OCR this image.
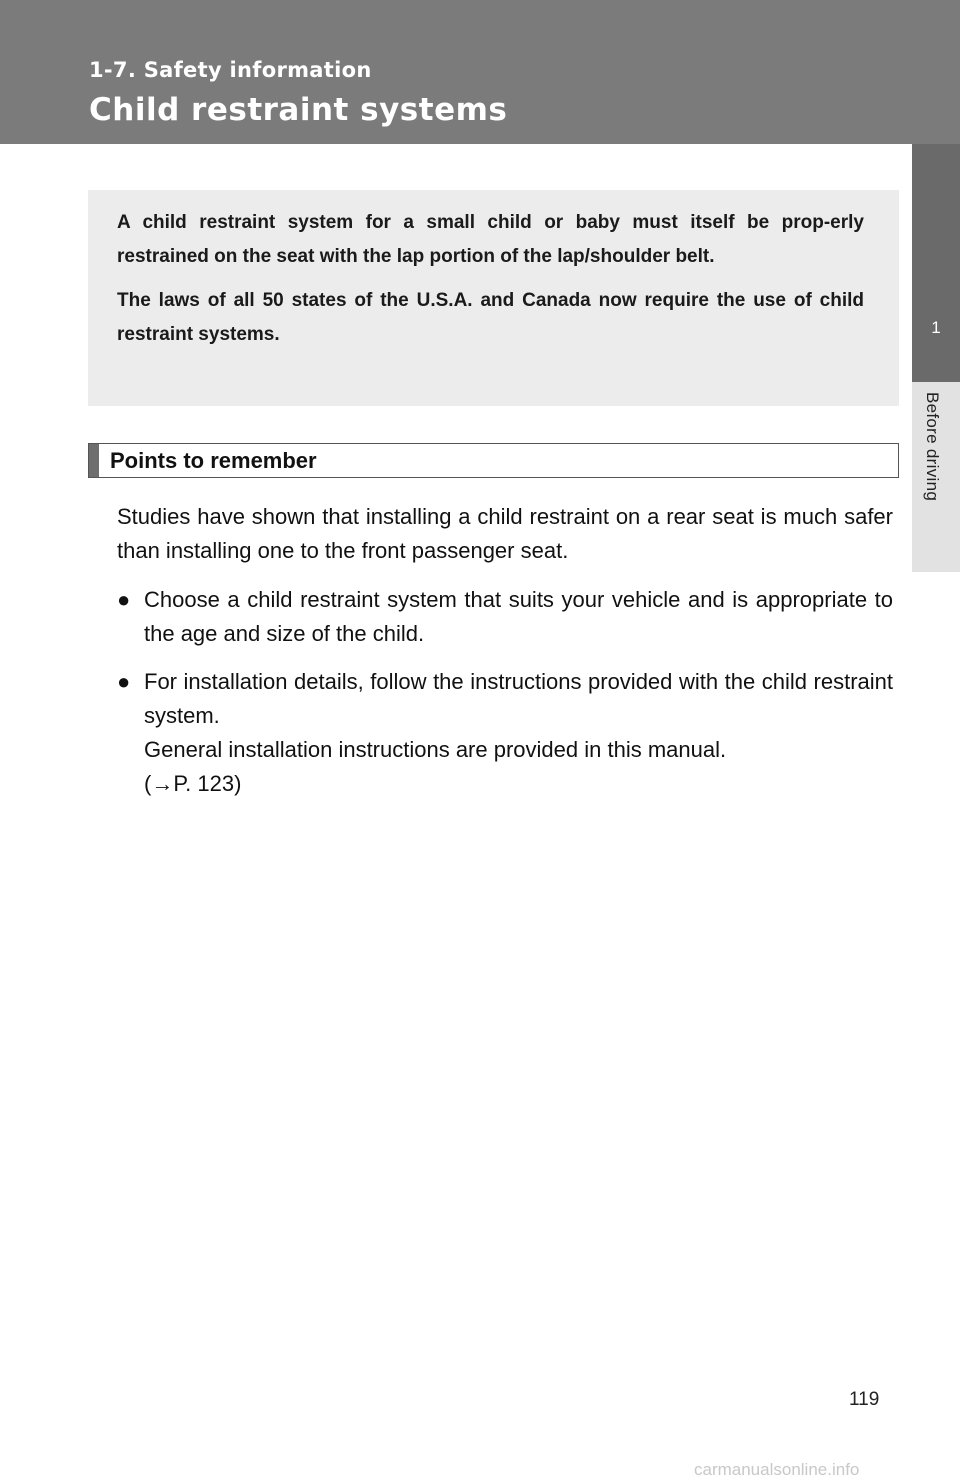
1-7. Safety information
Child restraint systems
1
Before driving

A child restraint system for a small child or baby must itself be prop-erly restrained on the seat with the lap portion of the lap/shoulder belt.

The laws of all 50 states of the U.S.A. and Canada now require the use of child restraint systems.

Points to remember

Studies have shown that installing a child restraint on a rear seat is much safer than installing one to the front passenger seat.

● Choose a child restraint system that suits your vehicle and is appropriate to the age and size of the child.
● For installation details, follow the instructions provided with the child restraint system.
General installation instructions are provided in this manual.
(→P. 123)
119
carmanualsonline.info
